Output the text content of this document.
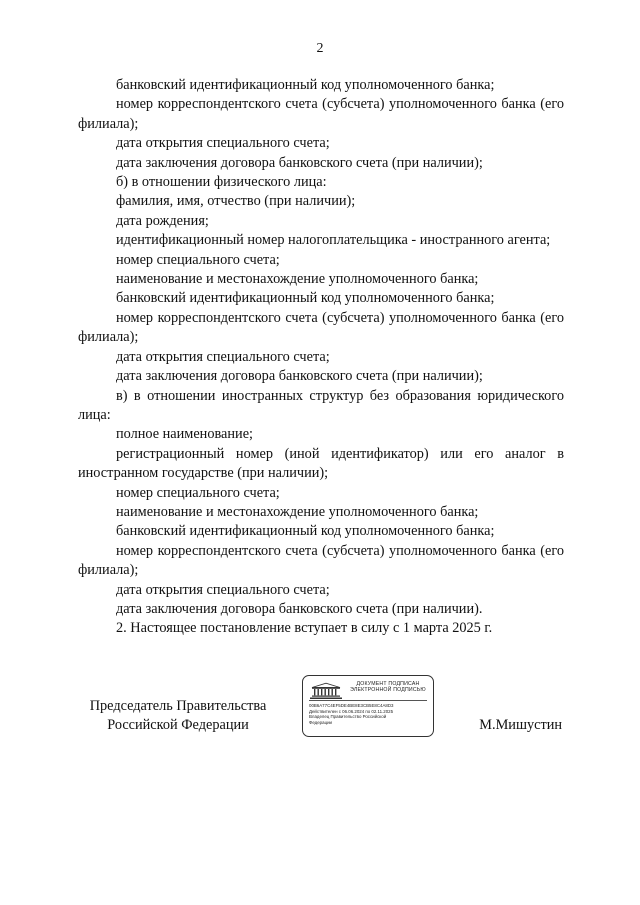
2

банковский идентификационный код уполномоченного банка;

номер корреспондентского счета (субсчета) уполномоченного банка (его филиала);

дата открытия специального счета;

дата заключения договора банковского счета (при наличии);

б) в отношении физического лица:

фамилия, имя, отчество (при наличии);

дата рождения;

идентификационный номер налогоплательщика - иностранного агента;

номер специального счета;

наименование и местонахождение уполномоченного банка;

банковский идентификационный код уполномоченного банка;

номер корреспондентского счета (субсчета) уполномоченного банка (его филиала);

дата открытия специального счета;

дата заключения договора банковского счета (при наличии);

в) в отношении иностранных структур без образования юридического лица:

полное наименование;

регистрационный номер (иной идентификатор) или его аналог в иностранном государстве (при наличии);

номер специального счета;

наименование и местонахождение уполномоченного банка;

банковский идентификационный код уполномоченного банка;

номер корреспондентского счета (субсчета) уполномоченного банка (его филиала);

дата открытия специального счета;

дата заключения договора банковского счета (при наличии).

2. Настоящее постановление вступает в силу с 1 марта 2025 г.

Председатель Правительства
Российской Федерации
ДОКУМЕНТ ПОДПИСАН
ЭЛЕКТРОННОЙ ПОДПИСЬЮ
00B6A77C4EF5DE4BE8E3CB5E8C4A8D3
Действителен с 06.06.2024 по 02.11.2025
Владелец Правительство Российской
Федерации	М.Мишустин
